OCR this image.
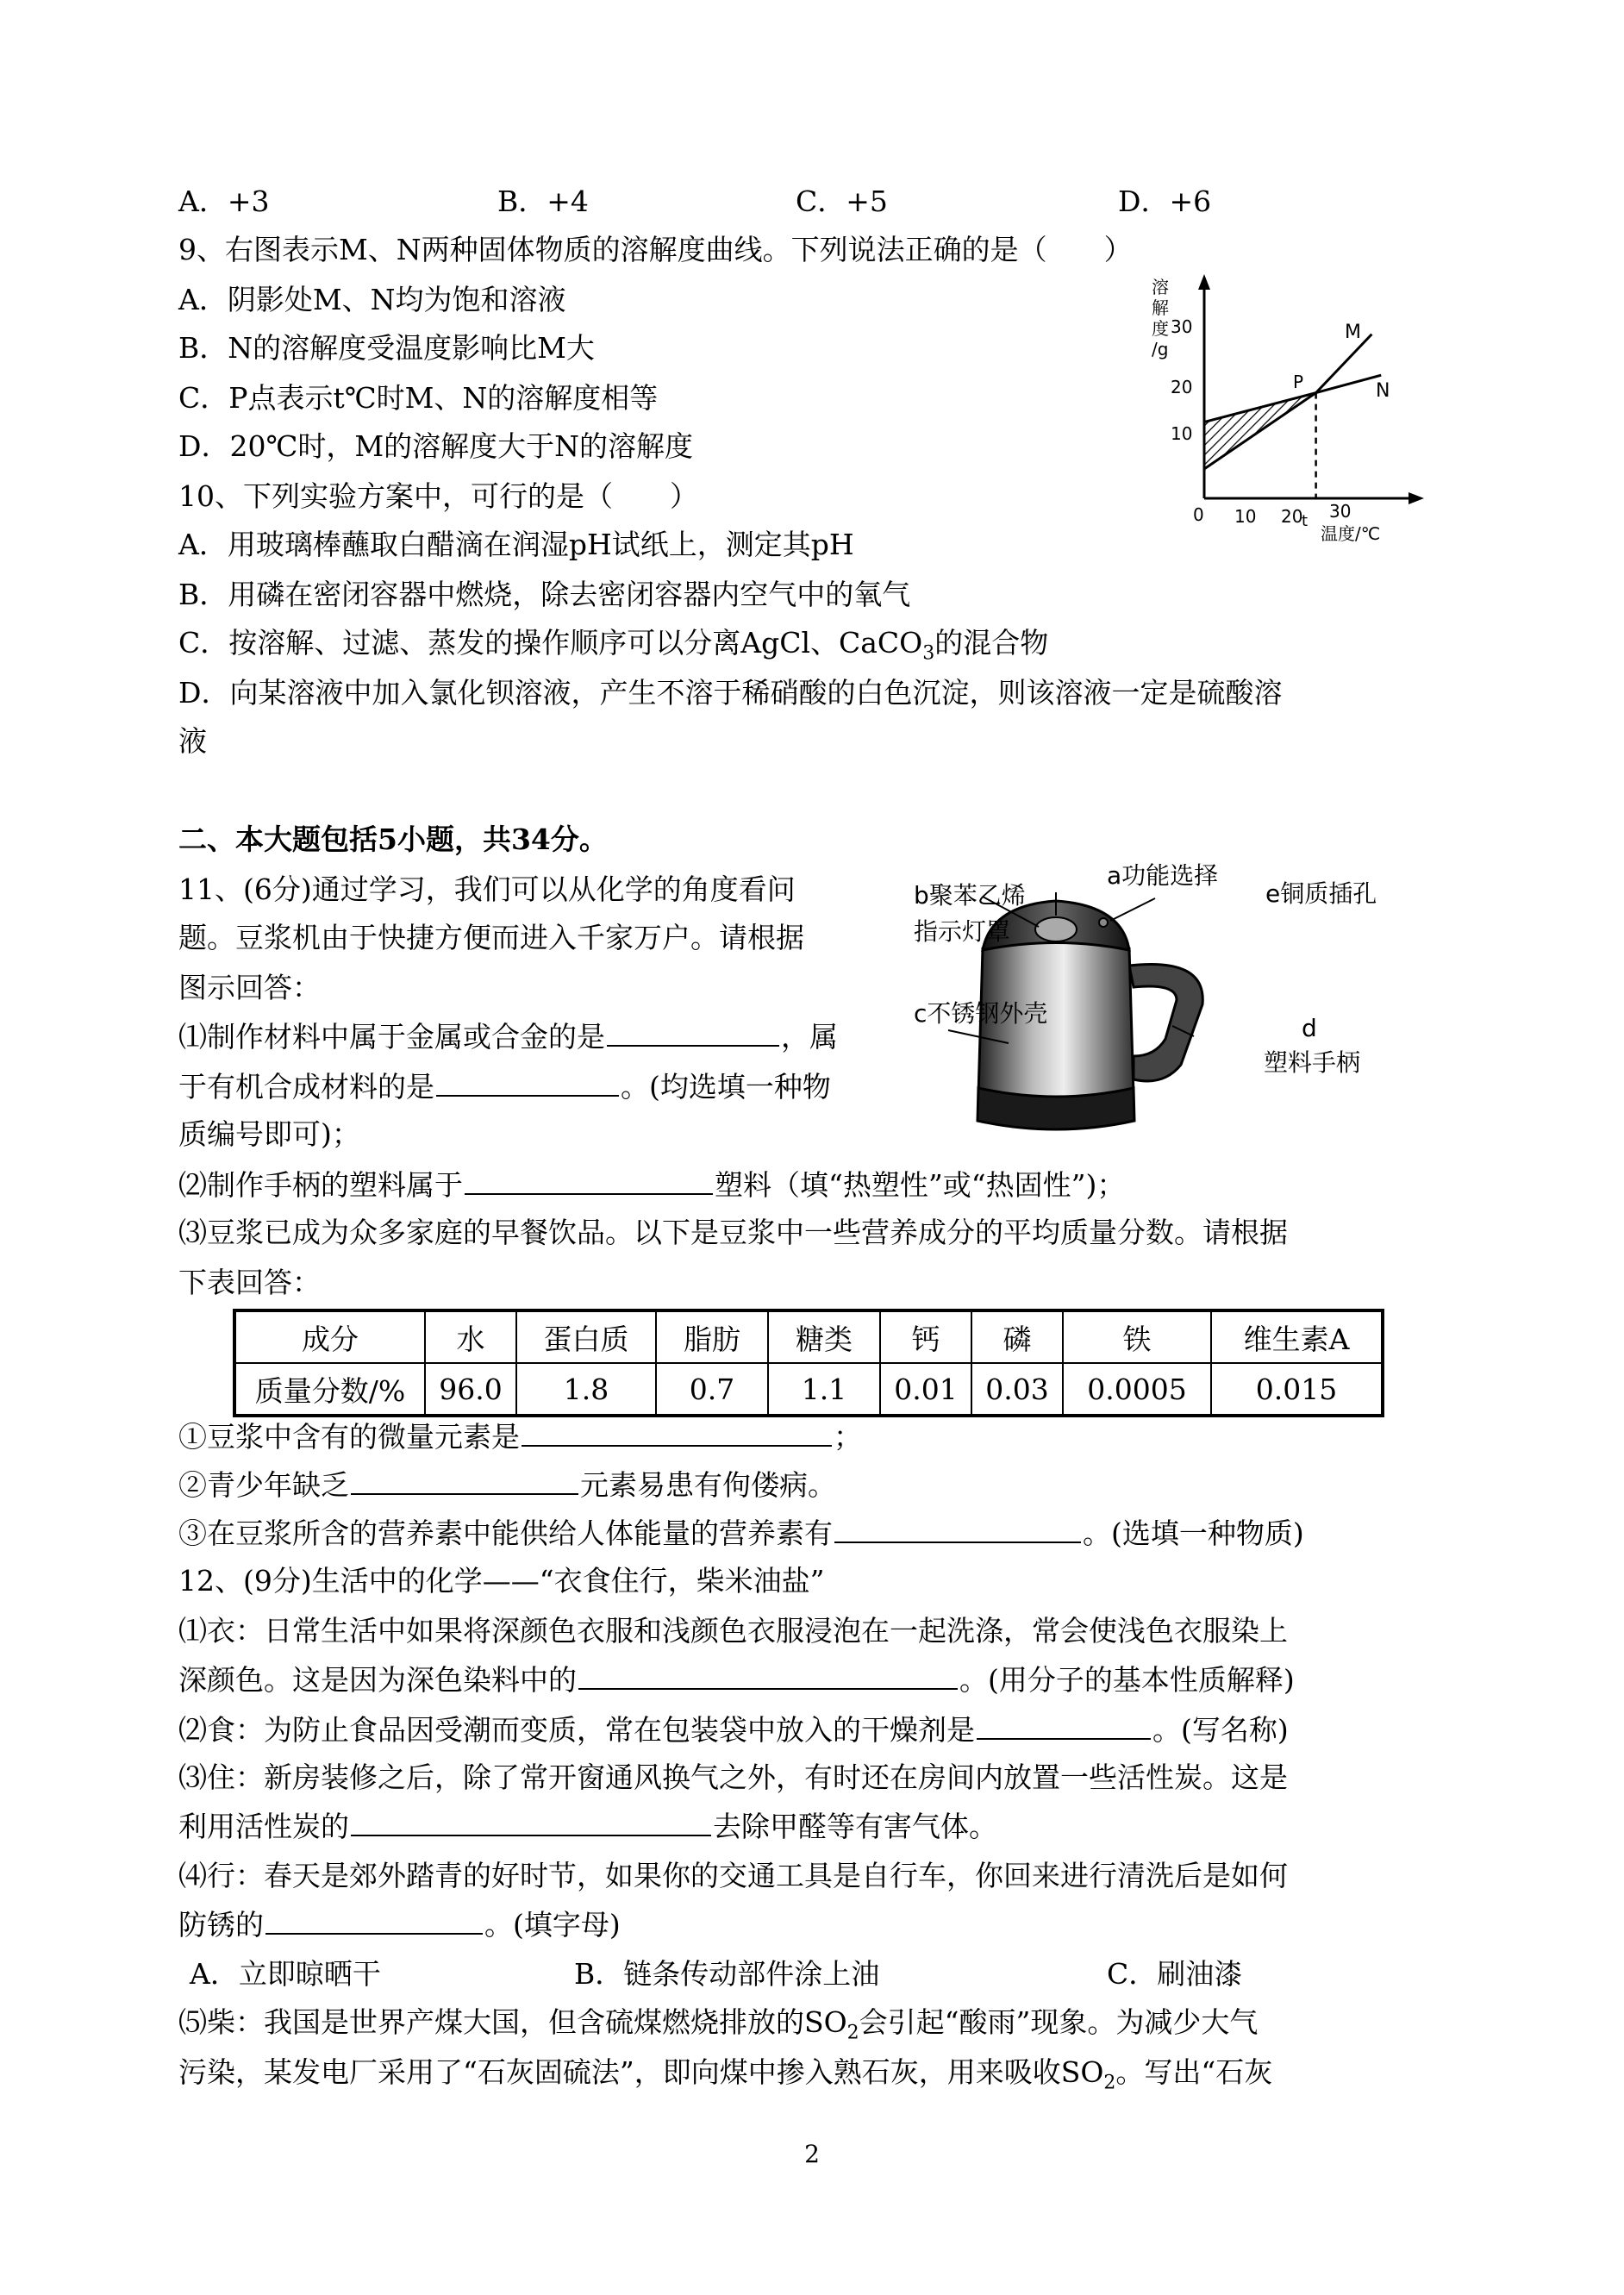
A．+3	B．+4	C．+5	D．+6
9、右图表示M、N两种固体物质的溶解度曲线。下列说法正确的是（　　）
A．阴影处M、N均为饱和溶液
B．N的溶解度受温度影响比M大
C．P点表示t℃时M、N的溶解度相等
D．20℃时，M的溶解度大于N的溶解度
溶
解
度
/g
30
20
10
0 10 20
t 30
温度/℃
P
M
N
10、下列实验方案中，可行的是（　　）
A．用玻璃棒蘸取白醋滴在润湿pH试纸上，测定其pH
B．用磷在密闭容器中燃烧，除去密闭容器内空气中的氧气
C．按溶解、过滤、蒸发的操作顺序可以分离AgCl、CaCO$_3$的混合物
D．向某溶液中加入氯化钡溶液，产生不溶于稀硝酸的白色沉淀，则该溶液一定是硫酸溶
液
二、本大题包括5小题，共34分。
11、(6分)通过学习，我们可以从化学的角度看问
题。豆浆机由于快捷方便而进入千家万户。请根据
图示回答：
⑴制作材料中属于金属或合金的是	，属
于有机合成材料的是	。(均选填一种物
质编号即可)；
⑵制作手柄的塑料属于	塑料（填“热塑性”或“热固性”)；
⑶豆浆已成为众多家庭的早餐饮品。以下是豆浆中一些营养成分的平均质量分数。请根据
下表回答：
a功能选择
b聚苯乙烯
指示灯罩
e铜质插孔
c不锈钢外壳
d
塑料手柄
成分	水	蛋白质	脂肪	糖类	钙	磷	铁	维生素A
质量分数/%	96.0	1.8	0.7	1.1	0.01	0.03	0.0005	0.015
①豆浆中含有的微量元素是	；
②青少年缺乏	元素易患有佝偻病。
③在豆浆所含的营养素中能供给人体能量的营养素有	。(选填一种物质)
12、(9分)生活中的化学——“衣食住行，柴米油盐”
⑴衣：日常生活中如果将深颜色衣服和浅颜色衣服浸泡在一起洗涤，常会使浅色衣服染上
深颜色。这是因为深色染料中的	。(用分子的基本性质解释)
⑵食：为防止食品因受潮而变质，常在包装袋中放入的干燥剂是	。(写名称)
⑶住：新房装修之后，除了常开窗通风换气之外，有时还在房间内放置一些活性炭。这是
利用活性炭的	去除甲醛等有害气体。
⑷行：春天是郊外踏青的好时节，如果你的交通工具是自行车，你回来进行清洗后是如何
防锈的	。(填字母)
A．立即晾晒干	B．链条传动部件涂上油	C．刷油漆
⑸柴：我国是世界产煤大国，但含硫煤燃烧排放的$SO_2$会引起“酸雨”现象。为减少大气
污染，某发电厂采用了“石灰固硫法”，即向煤中掺入熟石灰，用来吸收$SO_2$。写出“石灰
2
